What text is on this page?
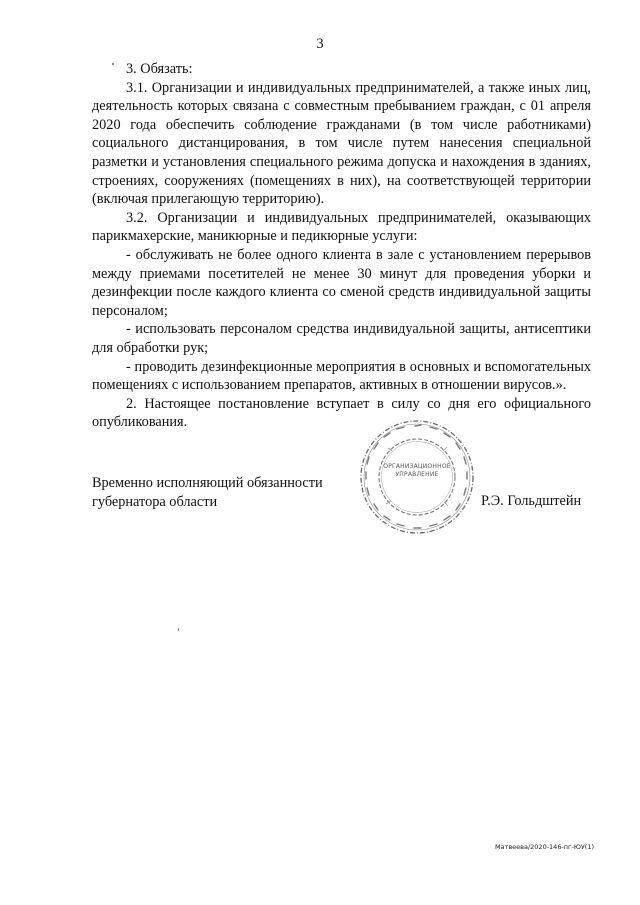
3

3. Обязать:

3.1. Организации и индивидуальных предпринимателей, а также иных лиц, деятельность которых связана с совместным пребыванием граждан, с 01 апреля 2020 года обеспечить соблюдение гражданами (в том числе работниками) социального дистанцирования, в том числе путем нанесения специальной разметки и установления специального режима допуска и нахождения в зданиях, строениях, сооружениях (помещениях в них), на соответствующей территории (включая прилегающую территорию).

3.2. Организации и индивидуальных предпринимателей, оказывающих парикмахерские, маникюрные и педикюрные услуги:

- обслуживать не более одного клиента в зале с установлением перерывов между приемами посетителей не менее 30 минут для проведения уборки и дезинфекции после каждого клиента со сменой средств индивидуальной защиты персоналом;

- использовать персоналом средства индивидуальной защиты, антисептики для обработки рук;

- проводить дезинфекционные мероприятия в основных и вспомогательных помещениях с использованием препаратов, активных в отношении вирусов.».

2. Настоящее постановление вступает в силу со дня его официального опубликования.

Временно исполняющий обязанности
губернатора области
ОРГАНИЗАЦИОННОЕ
УПРАВЛЕНИЕ
Р.Э. Гольдштейн
Матвеева/2020-146-пг-ЮУ(1)
